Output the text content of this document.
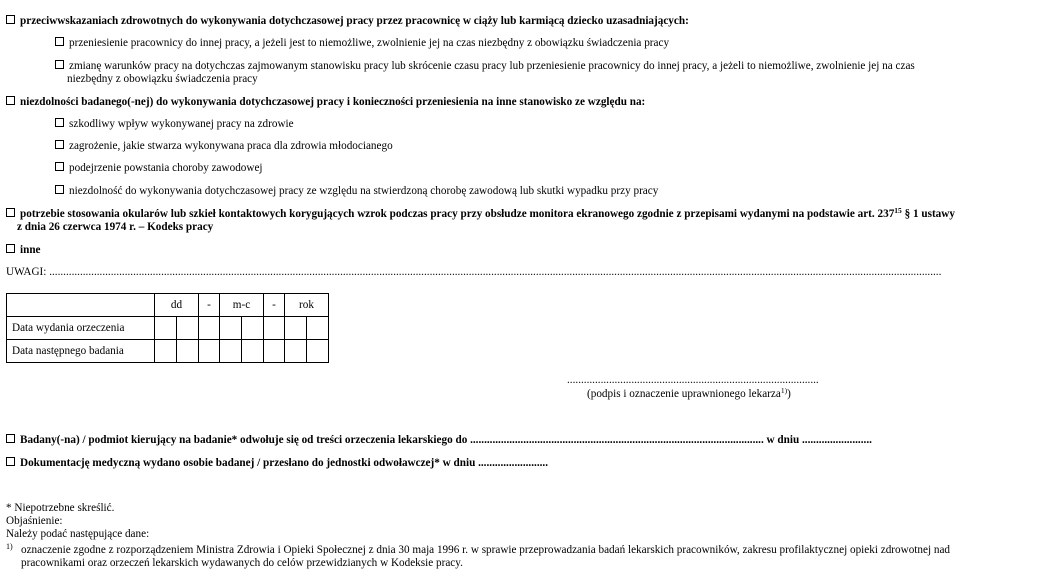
przeciwwskazaniach zdrowotnych do wykonywania dotychczasowej pracy przez pracownicę w ciąży lub karmiącą dziecko uzasadniających:
przeniesienie pracownicy do innej pracy, a jeżeli jest to niemożliwe, zwolnienie jej na czas niezbędny z obowiązku świadczenia pracy
zmianę warunków pracy na dotychczas zajmowanym stanowisku pracy lub skrócenie czasu pracy lub przeniesienie pracownicy do innej pracy, a jeżeli to niemożliwe, zwolnienie jej na czas
niezbędny z obowiązku świadczenia pracy
niezdolności badanego(-nej) do wykonywania dotychczasowej pracy i konieczności przeniesienia na inne stanowisko ze względu na:
szkodliwy wpływ wykonywanej pracy na zdrowie
zagrożenie, jakie stwarza wykonywana praca dla zdrowia młodocianego
podejrzenie powstania choroby zawodowej
niezdolność do wykonywania dotychczasowej pracy ze względu na stwierdzoną chorobę zawodową lub skutki wypadku przy pracy
potrzebie stosowania okularów lub szkieł kontaktowych korygujących wzrok podczas pracy przy obsłudze monitora ekranowego zgodnie z przepisami wydanymi na podstawie art. $237^{15}$ § 1 ustawy
z dnia 26 czerwca 1974 r. – Kodeks pracy
inne
UWAGI: ...............................................................................................................................................................................................................................................................................................................................
	dd		-	m-c		-	rok	
Data wydania orzeczenia								
Data następnego badania								
..........................................................................................
(podpis i oznaczenie uprawnionego lekarza$^{1)}$)
Badany(-na) / podmiot kierujący na badanie* odwołuje się od treści orzeczenia lekarskiego do ......................................................................................................... w dniu .........................
Dokumentację medyczną wydano osobie badanej / przesłano do jednostki odwoławczej* w dniu .........................
* Niepotrzebne skreślić.
Objaśnienie:
Należy podać następujące dane:
1) oznaczenie zgodne z rozporządzeniem Ministra Zdrowia i Opieki Społecznej z dnia 30 maja 1996 r. w sprawie przeprowadzania badań lekarskich pracowników, zakresu profilaktycznej opieki zdrowotnej nad
pracownikami oraz orzeczeń lekarskich wydawanych do celów przewidzianych w Kodeksie pracy.
